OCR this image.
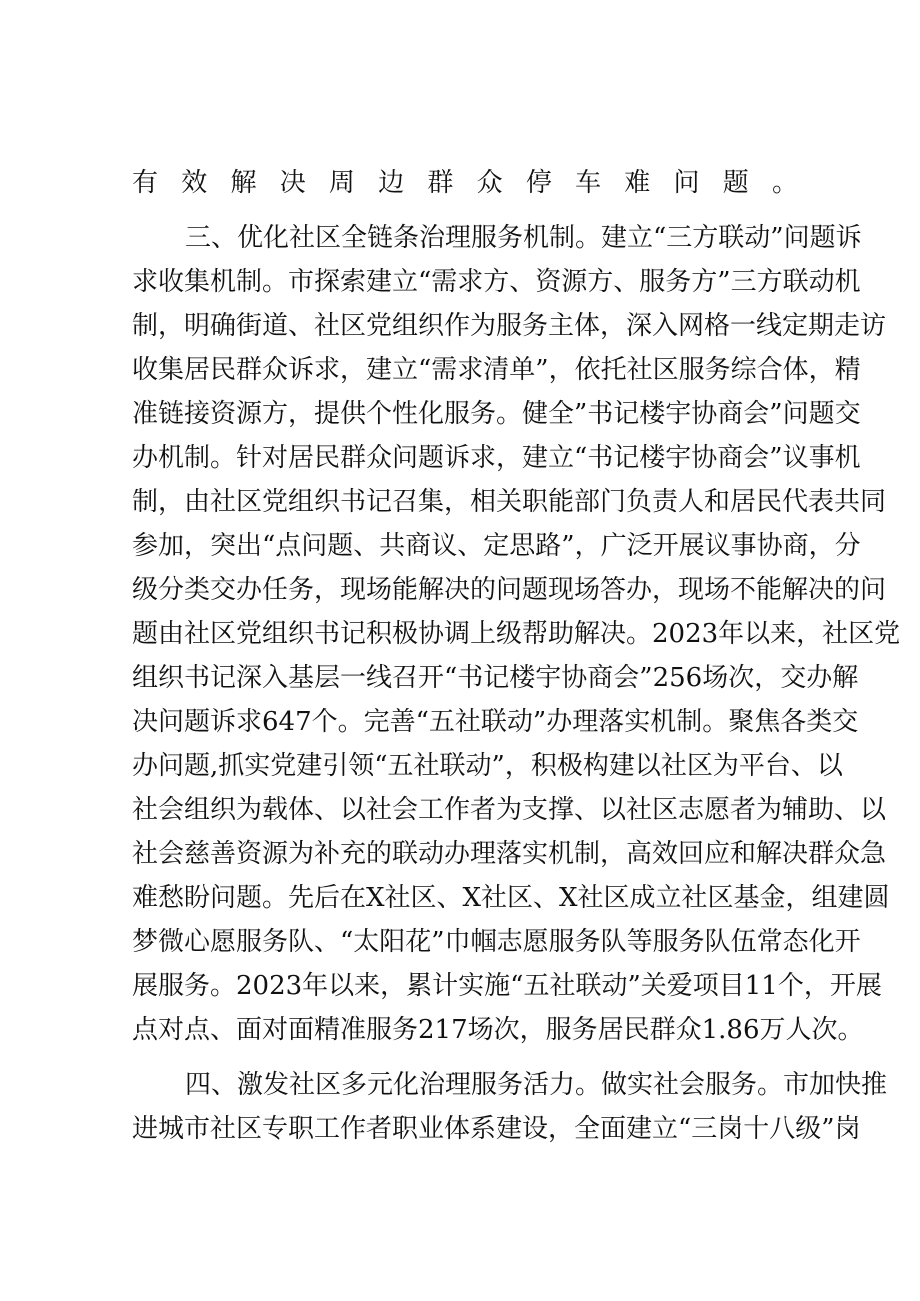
有效解决周边群众停车难问题。
三、优化社区全链条治理服务机制。建立“三方联动”问题诉
求收集机制。市探索建立“需求方、资源方、服务方”三方联动机
制，明确街道、社区党组织作为服务主体，深入网格一线定期走访
收集居民群众诉求，建立“需求清单”，依托社区服务综合体，精
准链接资源方，提供个性化服务。健全”书记楼宇协商会”问题交
办机制。针对居民群众问题诉求，建立“书记楼宇协商会”议事机
制，由社区党组织书记召集，相关职能部门负责人和居民代表共同
参加，突出“点问题、共商议、定思路”，广泛开展议事协商，分
级分类交办任务，现场能解决的问题现场答办，现场不能解决的问
题由社区党组织书记积极协调上级帮助解决。2023年以来，社区党
组织书记深入基层一线召开“书记楼宇协商会”256场次，交办解
决问题诉求647个。完善“五社联动”办理落实机制。聚焦各类交
办问题,抓实党建引领“五社联动”，积极构建以社区为平台、以
社会组织为载体、以社会工作者为支撑、以社区志愿者为辅助、以
社会慈善资源为补充的联动办理落实机制，高效回应和解决群众急
难愁盼问题。先后在X社区、X社区、X社区成立社区基金，组建圆
梦微心愿服务队、“太阳花”巾帼志愿服务队等服务队伍常态化开
展服务。2023年以来，累计实施“五社联动”关爱项目11个，开展
点对点、面对面精准服务217场次，服务居民群众1.86万人次。
四、激发社区多元化治理服务活力。做实社会服务。市加快推
进城市社区专职工作者职业体系建设，全面建立“三岗十八级”岗
